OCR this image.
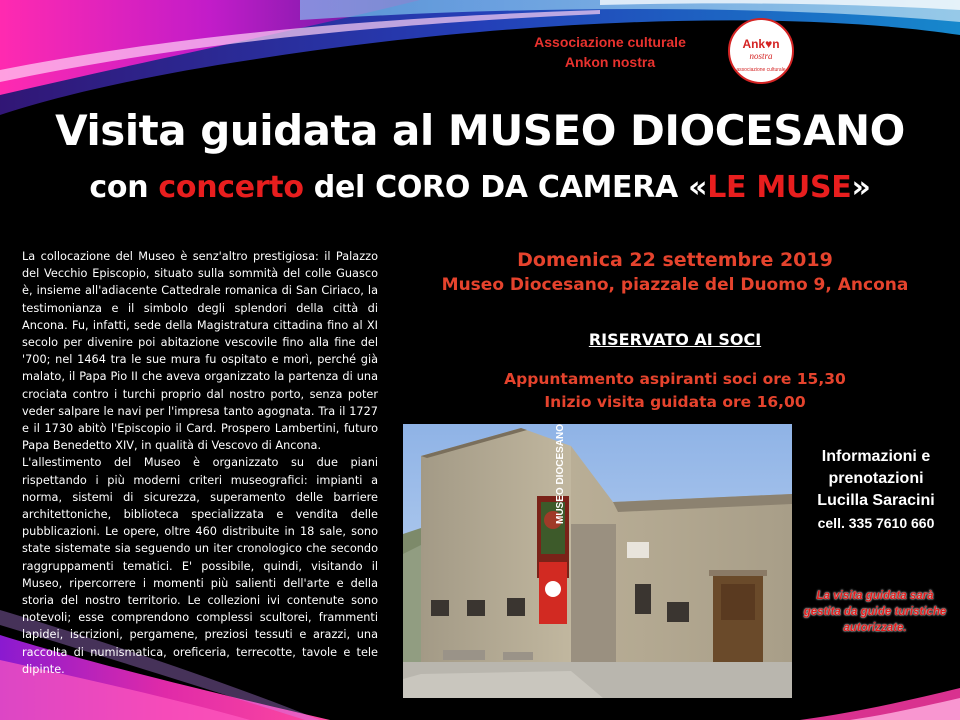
Associazione culturale
Ankon nostra
Ank♥n
nostra
associazione culturale
Visita guidata al MUSEO DIOCESANO
con concerto del CORO DA CAMERA «LE MUSE»

La collocazione del Museo è senz'altro prestigiosa: il Palazzo del Vecchio Episcopio, situato sulla sommità del colle Guasco è, insieme all'adiacente Cattedrale romanica di San Ciriaco, la testimonianza e il simbolo degli splendori della città di Ancona. Fu, infatti, sede della Magistratura cittadina fino al XI secolo per divenire poi abitazione vescovile fino alla fine del '700; nel 1464 tra le sue mura fu ospitato e morì, perché già malato, il Papa Pio II che aveva organizzato la partenza di una crociata contro i turchi proprio dal nostro porto, senza poter veder salpare le navi per l'impresa tanto agognata. Tra il 1727 e il 1730 abitò l'Episcopio il Card. Prospero Lambertini, futuro Papa Benedetto XIV, in qualità di Vescovo di Ancona.

L'allestimento del Museo è organizzato su due piani rispettando i più moderni criteri museografici: impianti a norma, sistemi di sicurezza, superamento delle barriere architettoniche, biblioteca specializzata e vendita delle pubblicazioni. Le opere, oltre 460 distribuite in 18 sale, sono state sistemate sia seguendo un iter cronologico che secondo raggruppamenti tematici. E' possibile, quindi, visitando il Museo, ripercorrere i momenti più salienti dell'arte e della storia del nostro territorio. Le collezioni ivi contenute sono notevoli; esse comprendono complessi scultorei, frammenti lapidei, iscrizioni, pergamene, preziosi tessuti e arazzi, una raccolta di numismatica, oreficeria, terrecotte, tavole e tele dipinte.

Domenica 22 settembre 2019
Museo Diocesano, piazzale del Duomo 9, Ancona
RISERVATO AI SOCI
Appuntamento aspiranti soci ore 15,30
Inizio visita guidata ore 16,00
MUSEO DIOCESANO	Informazioni e
prenotazioni
Lucilla Saracini
cell. 335 7610 660
La visita guidata sarà gestita da guide turistiche autorizzate.
